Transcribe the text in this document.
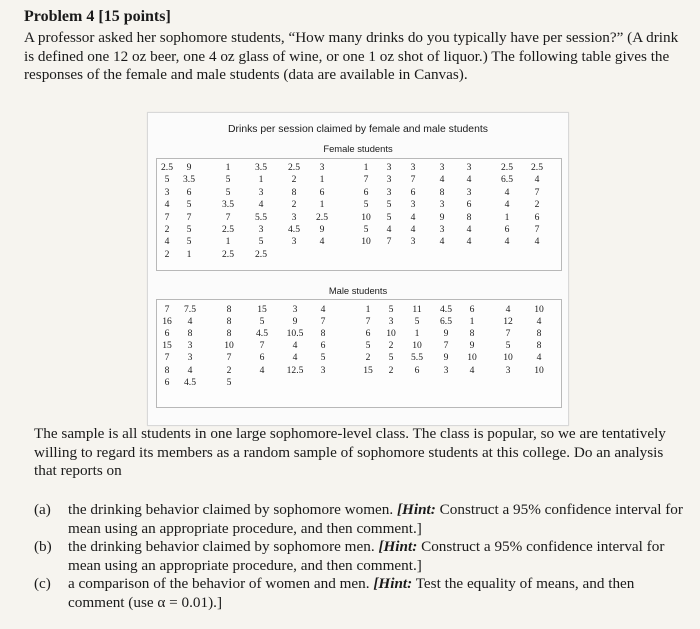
Problem 4 [15 points]
A professor asked her sophomore students, “How many drinks do you typically have per session?” (A drink is defined one 12 oz beer, one 4 oz glass of wine, or one 1 oz shot of liquor.) The following table gives the responses of the female and male students (data are available in Canvas).
Drinks per session claimed by female and male students
Female students
2.5
5
3
4
7
2
4
2
9
3.5
6
5
7
5
5
1
1
5
5
3.5
7
2.5
1
2.5
3.5
1
3
4
5.5
3
5
2.5
2.5
2
8
2
3
4.5
3
3
1
6
1
2.5
9
4
1
7
6
5
10
5
10
3
3
3
5
5
4
7
3
7
6
3
4
4
3
3
4
8
3
9
3
4
3
4
3
6
8
4
4
2.5
6.5
4
4
1
6
4
2.5
4
7
2
6
7
4
Male students
7
16
6
15
7
8
6
7.5
4
8
3
3
4
4.5
8
8
8
10
7
2
5
15
5
4.5
7
6
4
3
9
10.5
4
4
12.5
4
7
8
6
5
3
1
7
6
5
2
15
5
3
10
2
5
2
11
5
1
10
5.5
6
4.5
6.5
9
7
9
3
6
1
8
9
10
4
4
12
7
5
10
3
10
4
8
8
4
10
The sample is all students in one large sophomore-level class. The class is popular, so we are tentatively willing to regard its members as a random sample of sophomore students at this college. Do an analysis that reports on
(a) the drinking behavior claimed by sophomore women. [Hint: Construct a 95% confidence interval for mean using an appropriate procedure, and then comment.]
(b) the drinking behavior claimed by sophomore men. [Hint: Construct a 95% confidence interval for mean using an appropriate procedure, and then comment.]
(c) a comparison of the behavior of women and men. [Hint: Test the equality of means, and then comment (use α = 0.01).]
